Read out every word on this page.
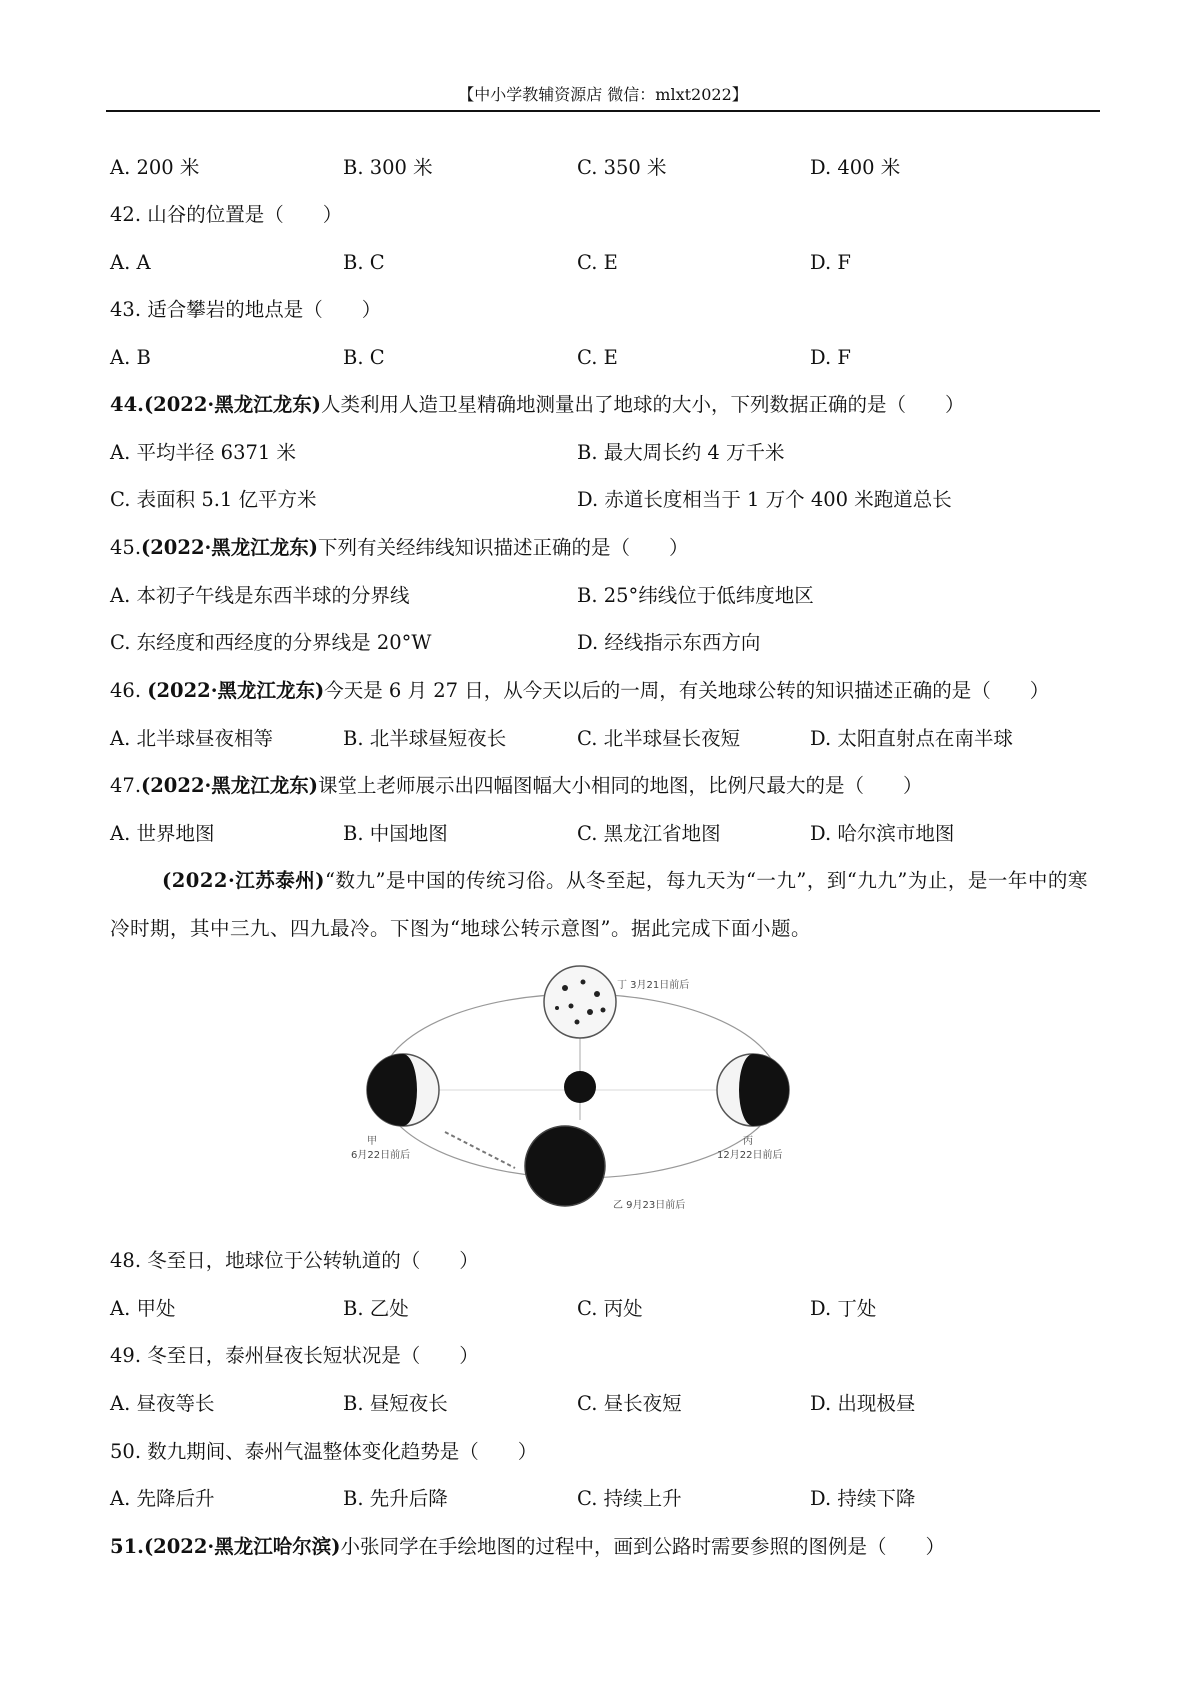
【中小学教辅资源店 微信：mlxt2022】
A. 200 米	B. 300 米	C. 350 米	D. 400 米
42. 山谷的位置是（　　）
A. A	B. C	C. E	D. F
43. 适合攀岩的地点是（　　）
A. B	B. C	C. E	D. F
44.(2022·黑龙江龙东)人类利用人造卫星精确地测量出了地球的大小，下列数据正确的是（　　）
A. 平均半径 6371 米	B. 最大周长约 4 万千米
C. 表面积 5.1 亿平方米	D. 赤道长度相当于 1 万个 400 米跑道总长
45.(2022·黑龙江龙东)下列有关经纬线知识描述正确的是（　　）
A. 本初子午线是东西半球的分界线	B. 25°纬线位于低纬度地区
C. 东经度和西经度的分界线是 20°W	D. 经线指示东西方向
46. (2022·黑龙江龙东)今天是 6 月 27 日，从今天以后的一周，有关地球公转的知识描述正确的是（　　）
A. 北半球昼夜相等	B. 北半球昼短夜长	C. 北半球昼长夜短	D. 太阳直射点在南半球
47.(2022·黑龙江龙东)课堂上老师展示出四幅图幅大小相同的地图，比例尺最大的是（　　）
A. 世界地图	B. 中国地图	C. 黑龙江省地图	D. 哈尔滨市地图
(2022·江苏泰州)“数九”是中国的传统习俗。从冬至起，每九天为“一九”，到“九九”为止，是一年中的寒
冷时期，其中三九、四九最冷。下图为“地球公转示意图”。据此完成下面小题。
丁 3月21日前后
甲
6月22日前后
丙
12月22日前后
乙 9月23日前后
48. 冬至日，地球位于公转轨道的（　　）
A. 甲处	B. 乙处	C. 丙处	D. 丁处
49. 冬至日，泰州昼夜长短状况是（　　）
A. 昼夜等长	B. 昼短夜长	C. 昼长夜短	D. 出现极昼
50. 数九期间、泰州气温整体变化趋势是（　　）
A. 先降后升	B. 先升后降	C. 持续上升	D. 持续下降
51.(2022·黑龙江哈尔滨)小张同学在手绘地图的过程中，画到公路时需要参照的图例是（　　）
